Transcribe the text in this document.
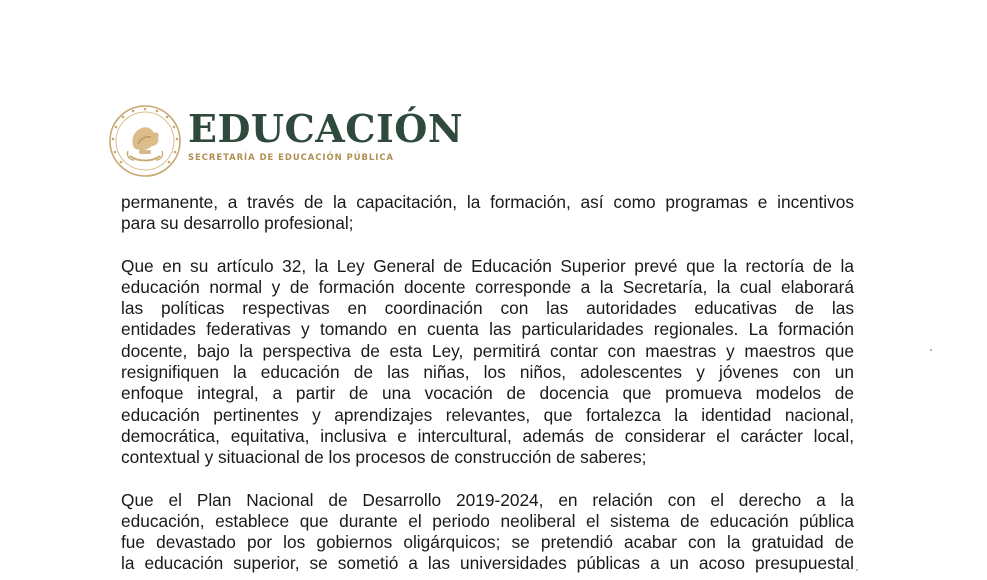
EDUCACIÓN
SECRETARÍA DE EDUCACIÓN PÚBLICA

permanente, a través de la capacitación, la formación, así como programas e incentivos
para su desarrollo profesional;

Que en su artículo 32, la Ley General de Educación Superior prevé que la rectoría de la
educación normal y de formación docente corresponde a la Secretaría, la cual elaborará
las políticas respectivas en coordinación con las autoridades educativas de las
entidades federativas y tomando en cuenta las particularidades regionales. La formación
docente, bajo la perspectiva de esta Ley, permitirá contar con maestras y maestros que
resignifiquen la educación de las niñas, los niños, adolescentes y jóvenes con un
enfoque integral, a partir de una vocación de docencia que promueva modelos de
educación pertinentes y aprendizajes relevantes, que fortalezca la identidad nacional,
democrática, equitativa, inclusiva e intercultural, además de considerar el carácter local,
contextual y situacional de los procesos de construcción de saberes;

Que el Plan Nacional de Desarrollo 2019-2024, en relación con el derecho a la
educación, establece que durante el periodo neoliberal el sistema de educación pública
fue devastado por los gobiernos oligárquicos; se pretendió acabar con la gratuidad de
la educación superior, se sometió a las universidades públicas a un acoso presupuestal
